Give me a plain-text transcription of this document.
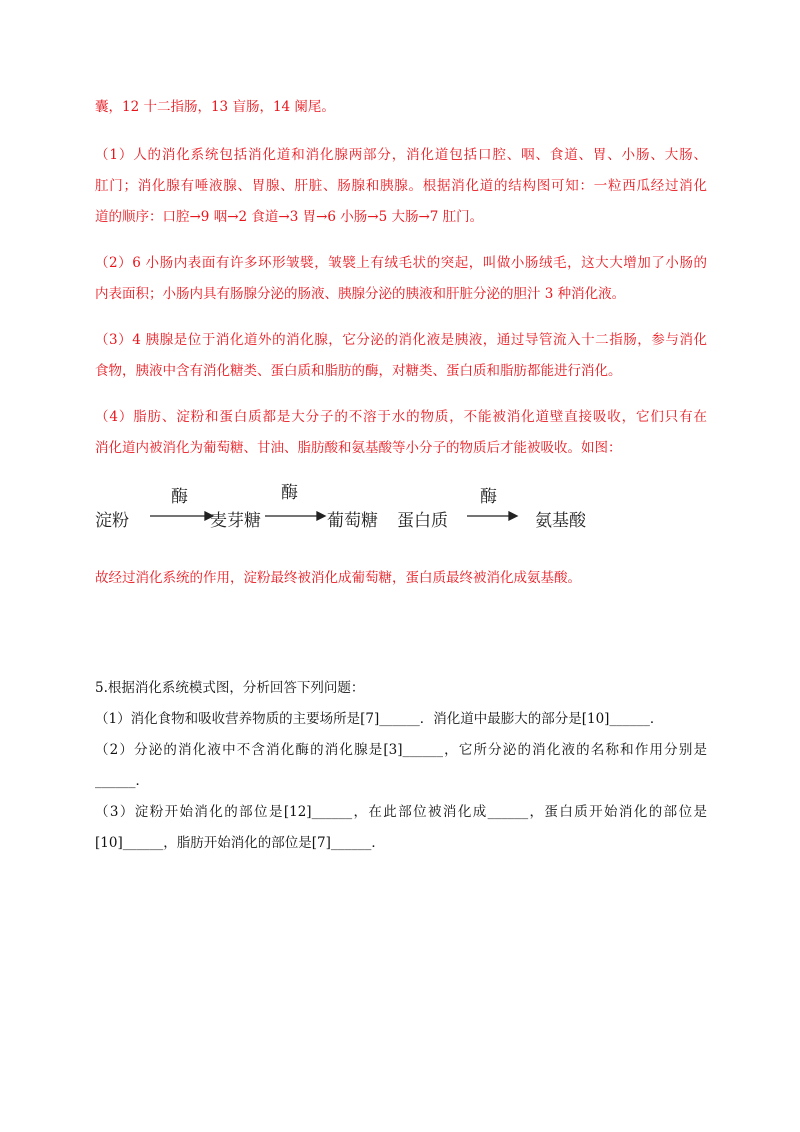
囊，12 十二指肠，13 盲肠，14 阑尾。
（1）人的消化系统包括消化道和消化腺两部分，消化道包括口腔、咽、食道、胃、小肠、大肠、
肛门；消化腺有唾液腺、胃腺、肝脏、肠腺和胰腺。根据消化道的结构图可知：一粒西瓜经过消化
道的顺序：口腔→9 咽→2 食道→3 胃→6 小肠→5 大肠→7 肛门。
（2）6 小肠内表面有许多环形皱襞，皱襞上有绒毛状的突起，叫做小肠绒毛，这大大增加了小肠的
内表面积；小肠内具有肠腺分泌的肠液、胰腺分泌的胰液和肝脏分泌的胆汁 3 种消化液。
（3）4 胰腺是位于消化道外的消化腺，它分泌的消化液是胰液，通过导管流入十二指肠，参与消化
食物，胰液中含有消化糖类、蛋白质和脂肪的酶，对糖类、蛋白质和脂肪都能进行消化。
（4）脂肪、淀粉和蛋白质都是大分子的不溶于水的物质，不能被消化道壁直接吸收，它们只有在
消化道内被消化为葡萄糖、甘油、脂肪酸和氨基酸等小分子的物质后才能被吸收。如图：
淀粉
酶
麦芽糖
酶
葡萄糖 蛋白质
酶
氨基酸
故经过消化系统的作用，淀粉最终被消化成葡萄糖，蛋白质最终被消化成氨基酸。
5.根据消化系统模式图，分析回答下列问题：
（1）消化食物和吸收营养物质的主要场所是[7]______．消化道中最膨大的部分是[10]______．
（2）分泌的消化液中不含消化酶的消化腺是[3]______，它所分泌的消化液的名称和作用分别是
______．
（3）淀粉开始消化的部位是[12]______，在此部位被消化成______，蛋白质开始消化的部位是
[10]______，脂肪开始消化的部位是[7]______．
